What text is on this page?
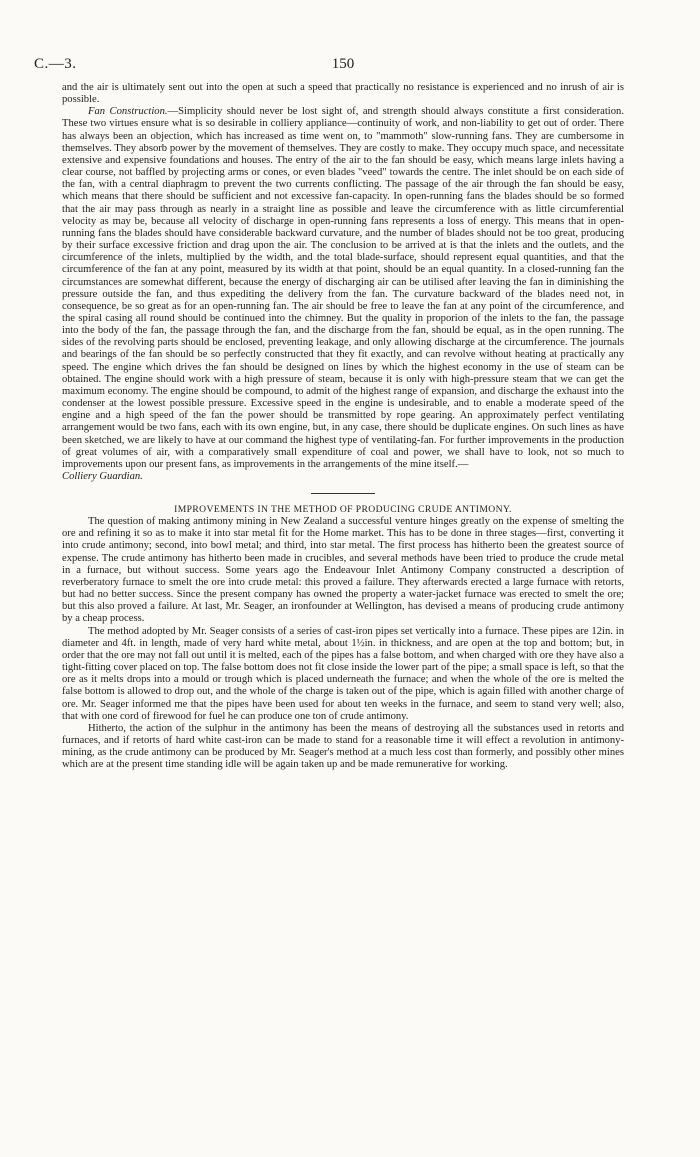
C.—3.	150

and the air is ultimately sent out into the open at such a speed that practically no resistance is experienced and no inrush of air is possible.

Fan Construction.—Simplicity should never be lost sight of, and strength should always constitute a first consideration. These two virtues ensure what is so desirable in colliery appliance—continuity of work, and non-liability to get out of order. There has always been an objection, which has increased as time went on, to "mammoth" slow-running fans. They are cumbersome in themselves. They absorb power by the movement of themselves. They are costly to make. They occupy much space, and necessitate extensive and expensive foundations and houses. The entry of the air to the fan should be easy, which means large inlets having a clear course, not baffled by projecting arms or cones, or even blades "veed" towards the centre. The inlet should be on each side of the fan, with a central diaphragm to prevent the two currents conflicting. The passage of the air through the fan should be easy, which means that there should be sufficient and not excessive fan-capacity. In open-running fans the blades should be so formed that the air may pass through as nearly in a straight line as possible and leave the circumference with as little circumferential velocity as may be, because all velocity of discharge in open-running fans represents a loss of energy. This means that in open-running fans the blades should have considerable backward curvature, and the number of blades should not be too great, producing by their surface excessive friction and drag upon the air. The conclusion to be arrived at is that the inlets and the outlets, and the circumference of the inlets, multiplied by the width, and the total blade-surface, should represent equal quantities, and that the circumference of the fan at any point, measured by its width at that point, should be an equal quantity. In a closed-running fan the circumstances are somewhat different, because the energy of discharging air can be utilised after leaving the fan in diminishing the pressure outside the fan, and thus expediting the delivery from the fan. The curvature backward of the blades need not, in consequence, be so great as for an open-running fan. The air should be free to leave the fan at any point of the circumference, and the spiral casing all round should be continued into the chimney. But the quality in proporion of the inlets to the fan, the passage into the body of the fan, the passage through the fan, and the discharge from the fan, should be equal, as in the open running. The sides of the revolving parts should be enclosed, preventing leakage, and only allowing discharge at the circumference. The journals and bearings of the fan should be so perfectly constructed that they fit exactly, and can revolve without heating at practically any speed. The engine which drives the fan should be designed on lines by which the highest economy in the use of steam can be obtained. The engine should work with a high pressure of steam, because it is only with high-pressure steam that we can get the maximum economy. The engine should be compound, to admit of the highest range of expansion, and discharge the exhaust into the condenser at the lowest possible pressure. Excessive speed in the engine is undesirable, and to enable a moderate speed of the engine and a high speed of the fan the power should be transmitted by rope gearing. An approximately perfect ventilating arrangement would be two fans, each with its own engine, but, in any case, there should be duplicate engines. On such lines as have been sketched, we are likely to have at our command the highest type of ventilating-fan. For further improvements in the production of great volumes of air, with a comparatively small expenditure of coal and power, we shall have to look, not so much to improvements upon our present fans, as improvements in the arrangements of the mine itself.—

Colliery Guardian.

IMPROVEMENTS IN THE METHOD OF PRODUCING CRUDE ANTIMONY.

The question of making antimony mining in New Zealand a successful venture hinges greatly on the expense of smelting the ore and refining it so as to make it into star metal fit for the Home market. This has to be done in three stages—first, converting it into crude antimony; second, into bowl metal; and third, into star metal. The first process has hitherto been the greatest source of expense. The crude antimony has hitherto been made in crucibles, and several methods have been tried to produce the crude metal in a furnace, but without success. Some years ago the Endeavour Inlet Antimony Company constructed a description of reverberatory furnace to smelt the ore into crude metal: this proved a failure. They afterwards erected a large furnace with retorts, but had no better success. Since the present company has owned the property a water-jacket furnace was erected to smelt the ore; but this also proved a failure. At last, Mr. Seager, an ironfounder at Wellington, has devised a means of producing crude antimony by a cheap process.

The method adopted by Mr. Seager consists of a series of cast-iron pipes set vertically into a furnace. These pipes are 12in. in diameter and 4ft. in length, made of very hard white metal, about 1½in. in thickness, and are open at the top and bottom; but, in order that the ore may not fall out until it is melted, each of the pipes has a false bottom, and when charged with ore they have also a tight-fitting cover placed on top. The false bottom does not fit close inside the lower part of the pipe; a small space is left, so that the ore as it melts drops into a mould or trough which is placed underneath the furnace; and when the whole of the ore is melted the false bottom is allowed to drop out, and the whole of the charge is taken out of the pipe, which is again filled with another charge of ore. Mr. Seager informed me that the pipes have been used for about ten weeks in the furnace, and seem to stand very well; also, that with one cord of firewood for fuel he can produce one ton of crude antimony.

Hitherto, the action of the sulphur in the antimony has been the means of destroying all the substances used in retorts and furnaces, and if retorts of hard white cast-iron can be made to stand for a reasonable time it will effect a revolution in antimony-mining, as the crude antimony can be produced by Mr. Seager's method at a much less cost than formerly, and possibly other mines which are at the present time standing idle will be again taken up and be made remunerative for working.
